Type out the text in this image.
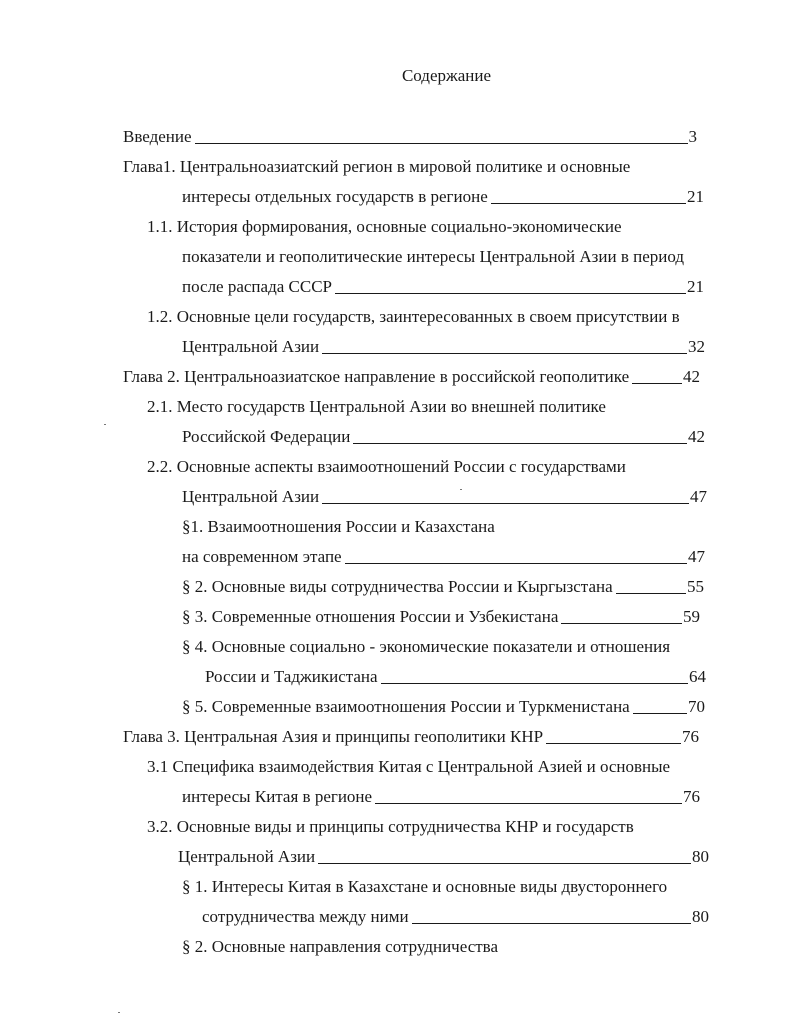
Содержание
Введение	3
Глава1. Центральноазиатский регион в мировой политике и основные
интересы отдельных государств в регионе	21
1.1. История формирования, основные социально-экономические
показатели и геополитические интересы Центральной Азии в период
после распада СССР	21
1.2. Основные цели государств, заинтересованных в своем присутствии в
Центральной Азии	32
Глава 2. Центральноазиатское направление в российской геополитике	42
2.1. Место государств Центральной Азии во внешней политике
Российской Федерации	42
2.2. Основные аспекты взаимоотношений России с государствами
Центральной Азии	47
§1. Взаимоотношения России и Казахстана
на современном этапе	47
§ 2. Основные виды сотрудничества России и Кыргызстана	55
§ 3. Современные отношения России и Узбекистана	59
§ 4. Основные социально - экономические показатели и отношения
России и Таджикистана	64
§ 5. Современные взаимоотношения России и Туркменистана	70
Глава 3. Центральная Азия и принципы геополитики КНР	76
3.1 Специфика взаимодействия Китая с Центральной Азией и основные
интересы Китая в регионе	76
3.2. Основные виды и принципы сотрудничества КНР и государств
Центральной Азии	80
§ 1. Интересы Китая в Казахстане и основные виды двустороннего
сотрудничества между ними	80
§ 2. Основные направления сотрудничества
